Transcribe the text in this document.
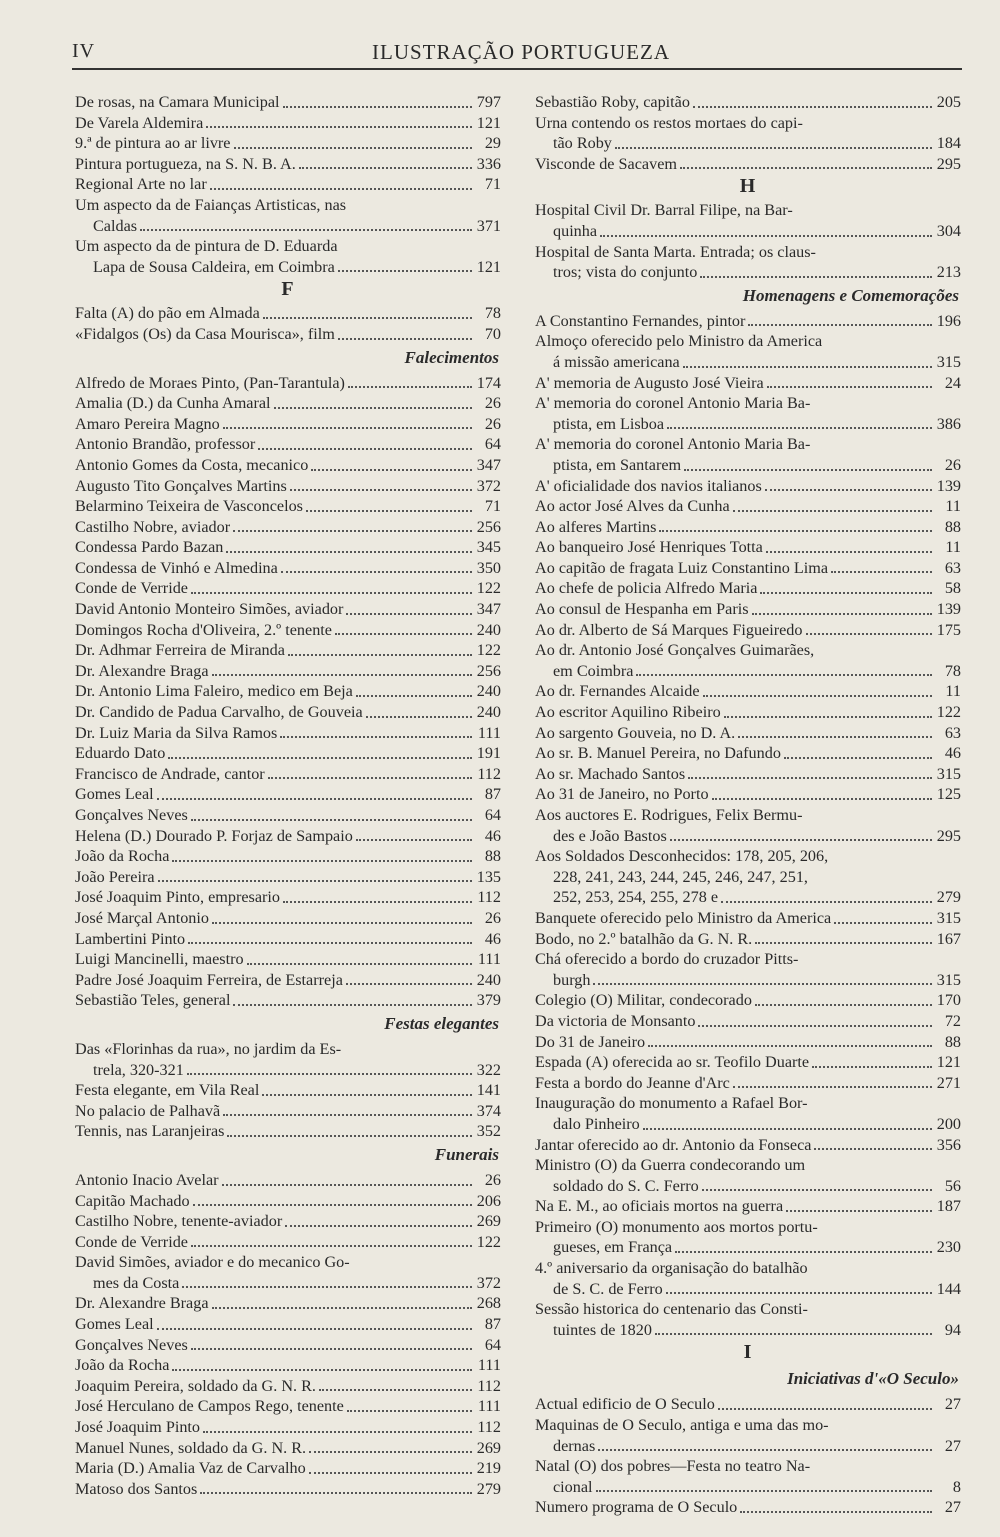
IV	ILUSTRAÇÃO PORTUGUEZA
De rosas, na Camara Municipal	797
De Varela Aldemira	121
9.ª de pintura ao ar livre	29
Pintura portugueza, na S. N. B. A.	336
Regional Arte no lar	71
Um aspecto da de Faianças Artisticas, nas
Caldas	371
Um aspecto da de pintura de D. Eduarda
Lapa de Sousa Caldeira, em Coimbra	121
F
Falta (A) do pão em Almada	78
«Fidalgos (Os) da Casa Mourisca», film	70
Falecimentos
Alfredo de Moraes Pinto, (Pan-Tarantula)	174
Amalia (D.) da Cunha Amaral	26
Amaro Pereira Magno	26
Antonio Brandão, professor	64
Antonio Gomes da Costa, mecanico	347
Augusto Tito Gonçalves Martins	372
Belarmino Teixeira de Vasconcelos	71
Castilho Nobre, aviador	256
Condessa Pardo Bazan	345
Condessa de Vinhó e Almedina	350
Conde de Verride	122
David Antonio Monteiro Simões, aviador	347
Domingos Rocha d'Oliveira, 2.º tenente	240
Dr. Adhmar Ferreira de Miranda	122
Dr. Alexandre Braga	256
Dr. Antonio Lima Faleiro, medico em Beja	240
Dr. Candido de Padua Carvalho, de Gouveia	240
Dr. Luiz Maria da Silva Ramos	111
Eduardo Dato	191
Francisco de Andrade, cantor	112
Gomes Leal	87
Gonçalves Neves	64
Helena (D.) Dourado P. Forjaz de Sampaio	46
João da Rocha	88
João Pereira	135
José Joaquim Pinto, empresario	112
José Marçal Antonio	26
Lambertini Pinto	46
Luigi Mancinelli, maestro	111
Padre José Joaquim Ferreira, de Estarreja	240
Sebastião Teles, general	379
Festas elegantes
Das «Florinhas da rua», no jardim da Es-
trela, 320-321	322
Festa elegante, em Vila Real	141
No palacio de Palhavã	374
Tennis, nas Laranjeiras	352
Funerais
Antonio Inacio Avelar	26
Capitão Machado	206
Castilho Nobre, tenente-aviador	269
Conde de Verride	122
David Simões, aviador e do mecanico Go-
mes da Costa	372
Dr. Alexandre Braga	268
Gomes Leal	87
Gonçalves Neves	64
João da Rocha	111
Joaquim Pereira, soldado da G. N. R.	112
José Herculano de Campos Rego, tenente	111
José Joaquim Pinto	112
Manuel Nunes, soldado da G. N. R.	269
Maria (D.) Amalia Vaz de Carvalho	219
Matoso dos Santos	279
Sebastião Roby, capitão	205
Urna contendo os restos mortaes do capi-
tão Roby	184
Visconde de Sacavem	295
H
Hospital Civil Dr. Barral Filipe, na Bar-
quinha	304
Hospital de Santa Marta. Entrada; os claus-
tros; vista do conjunto	213
Homenagens e Comemorações
A Constantino Fernandes, pintor	196
Almoço oferecido pelo Ministro da America
á missão americana	315
A' memoria de Augusto José Vieira	24
A' memoria do coronel Antonio Maria Ba-
ptista, em Lisboa	386
A' memoria do coronel Antonio Maria Ba-
ptista, em Santarem	26
A' oficialidade dos navios italianos	139
Ao actor José Alves da Cunha	11
Ao alferes Martins	88
Ao banqueiro José Henriques Totta	11
Ao capitão de fragata Luiz Constantino Lima	63
Ao chefe de policia Alfredo Maria	58
Ao consul de Hespanha em Paris	139
Ao dr. Alberto de Sá Marques Figueiredo	175
Ao dr. Antonio José Gonçalves Guimarães,
em Coimbra	78
Ao dr. Fernandes Alcaide	11
Ao escritor Aquilino Ribeiro	122
Ao sargento Gouveia, no D. A.	63
Ao sr. B. Manuel Pereira, no Dafundo	46
Ao sr. Machado Santos	315
Ao 31 de Janeiro, no Porto	125
Aos auctores E. Rodrigues, Felix Bermu-
des e João Bastos	295
Aos Soldados Desconhecidos: 178, 205, 206,
228, 241, 243, 244, 245, 246, 247, 251,
252, 253, 254, 255, 278 e	279
Banquete oferecido pelo Ministro da America	315
Bodo, no 2.º batalhão da G. N. R.	167
Chá oferecido a bordo do cruzador Pitts-
burgh	315
Colegio (O) Militar, condecorado	170
Da victoria de Monsanto	72
Do 31 de Janeiro	88
Espada (A) oferecida ao sr. Teofilo Duarte	121
Festa a bordo do Jeanne d'Arc	271
Inauguração do monumento a Rafael Bor-
dalo Pinheiro	200
Jantar oferecido ao dr. Antonio da Fonseca	356
Ministro (O) da Guerra condecorando um
soldado do S. C. Ferro	56
Na E. M., ao oficiais mortos na guerra	187
Primeiro (O) monumento aos mortos portu-
gueses, em França	230
4.º aniversario da organisação do batalhão
de S. C. de Ferro	144
Sessão historica do centenario das Consti-
tuintes de 1820	94
I
Iniciativas d'«O Seculo»
Actual edificio de O Seculo	27
Maquinas de O Seculo, antiga e uma das mo-
dernas	27
Natal (O) dos pobres—Festa no teatro Na-
cional	8
Numero programa de O Seculo	27
